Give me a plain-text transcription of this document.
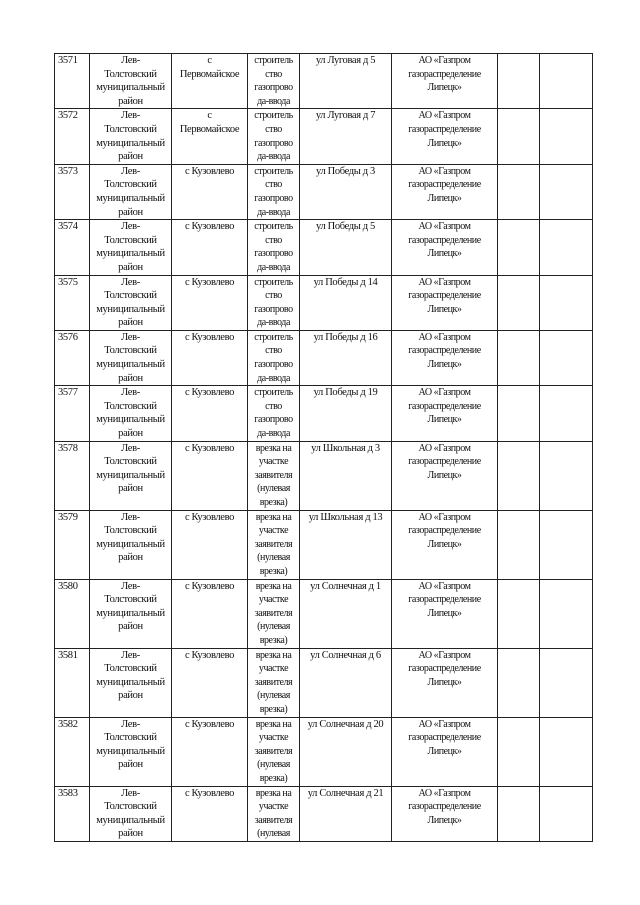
3571	Лев-
Толстовский
муниципальный
район	с
Первомайское	строитель
ство
газопрово
да-ввода	ул Луговая д 5	АО «Газпром
газораспределение
Липецк»		

3572	Лев-
Толстовский
муниципальный
район	с
Первомайское	строитель
ство
газопрово
да-ввода	ул Луговая д 7	АО «Газпром
газораспределение
Липецк»		

3573	Лев-
Толстовский
муниципальный
район	с Кузовлево	строитель
ство
газопрово
да-ввода	ул Победы д 3	АО «Газпром
газораспределение
Липецк»		

3574	Лев-
Толстовский
муниципальный
район	с Кузовлево	строитель
ство
газопрово
да-ввода	ул Победы д 5	АО «Газпром
газораспределение
Липецк»		

3575	Лев-
Толстовский
муниципальный
район	с Кузовлево	строитель
ство
газопрово
да-ввода	ул Победы д 14	АО «Газпром
газораспределение
Липецк»		

3576	Лев-
Толстовский
муниципальный
район	с Кузовлево	строитель
ство
газопрово
да-ввода	ул Победы д 16	АО «Газпром
газораспределение
Липецк»		

3577	Лев-
Толстовский
муниципальный
район	с Кузовлево	строитель
ство
газопрово
да-ввода	ул Победы д 19	АО «Газпром
газораспределение
Липецк»		

3578	Лев-
Толстовский
муниципальный
район	с Кузовлево	врезка на
участке
заявителя
(нулевая
врезка)	ул Школьная д 3	АО «Газпром
газораспределение
Липецк»		

3579	Лев-
Толстовский
муниципальный
район	с Кузовлево	врезка на
участке
заявителя
(нулевая
врезка)	ул Школьная д 13	АО «Газпром
газораспределение
Липецк»		

3580	Лев-
Толстовский
муниципальный
район	с Кузовлево	врезка на
участке
заявителя
(нулевая
врезка)	ул Солнечная д 1	АО «Газпром
газораспределение
Липецк»		

3581	Лев-
Толстовский
муниципальный
район	с Кузовлево	врезка на
участке
заявителя
(нулевая
врезка)	ул Солнечная д 6	АО «Газпром
газораспределение
Липецк»		

3582	Лев-
Толстовский
муниципальный
район	с Кузовлево	врезка на
участке
заявителя
(нулевая
врезка)	ул Солнечная д 20	АО «Газпром
газораспределение
Липецк»		

3583	Лев-
Толстовский
муниципальный
район	с Кузовлево	врезка на
участке
заявителя
(нулевая	ул Солнечная д 21	АО «Газпром
газораспределение
Липецк»		
